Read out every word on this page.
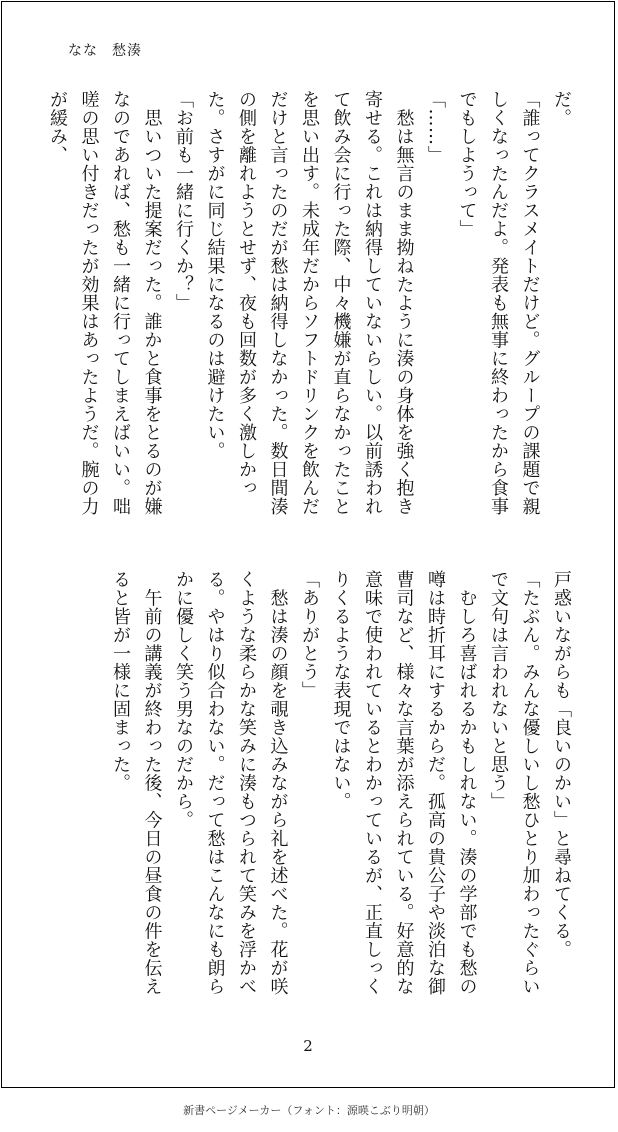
なな 愁湊
だ。
「誰ってクラスメイトだけど。グループの課題で親しくなったんだよ。発表も無事に終わったから食事でもしようって」
「……」
　愁は無言のまま拗ねたように湊の身体を強く抱き寄せる。これは納得していないらしい。以前誘われて飲み会に行った際、中々機嫌が直らなかったことを思い出す。未成年だからソフトドリンクを飲んだだけと言ったのだが愁は納得しなかった。数日間湊の側を離れようとせず、夜も回数が多く激しかった。さすがに同じ結果になるのは避けたい。
「お前も一緒に行くか？」
　思いついた提案だった。誰かと食事をとるのが嫌なのであれば、愁も一緒に行ってしまえばいい。咄嗟の思い付きだったが効果はあったようだ。腕の力が緩み、
戸惑いながらも「良いのかい」と尋ねてくる。
「たぶん。みんな優しいし愁ひとり加わったぐらいで文句は言われないと思う」
　むしろ喜ばれるかもしれない。湊の学部でも愁の噂は時折耳にするからだ。孤高の貴公子や淡泊な御曹司など、様々な言葉が添えられている。好意的な意味で使われているとわかっているが、正直しっくりくるような表現ではない。
「ありがとう」
　愁は湊の顔を覗き込みながら礼を述べた。花が咲くような柔らかな笑みに湊もつられて笑みを浮かべる。やはり似合わない。だって愁はこんなにも朗らかに優しく笑う男なのだから。
　午前の講義が終わった後、今日の昼食の件を伝えると皆が一様に固まった。
2
新書ページメーカー（フォント：源暎こぶり明朝）
